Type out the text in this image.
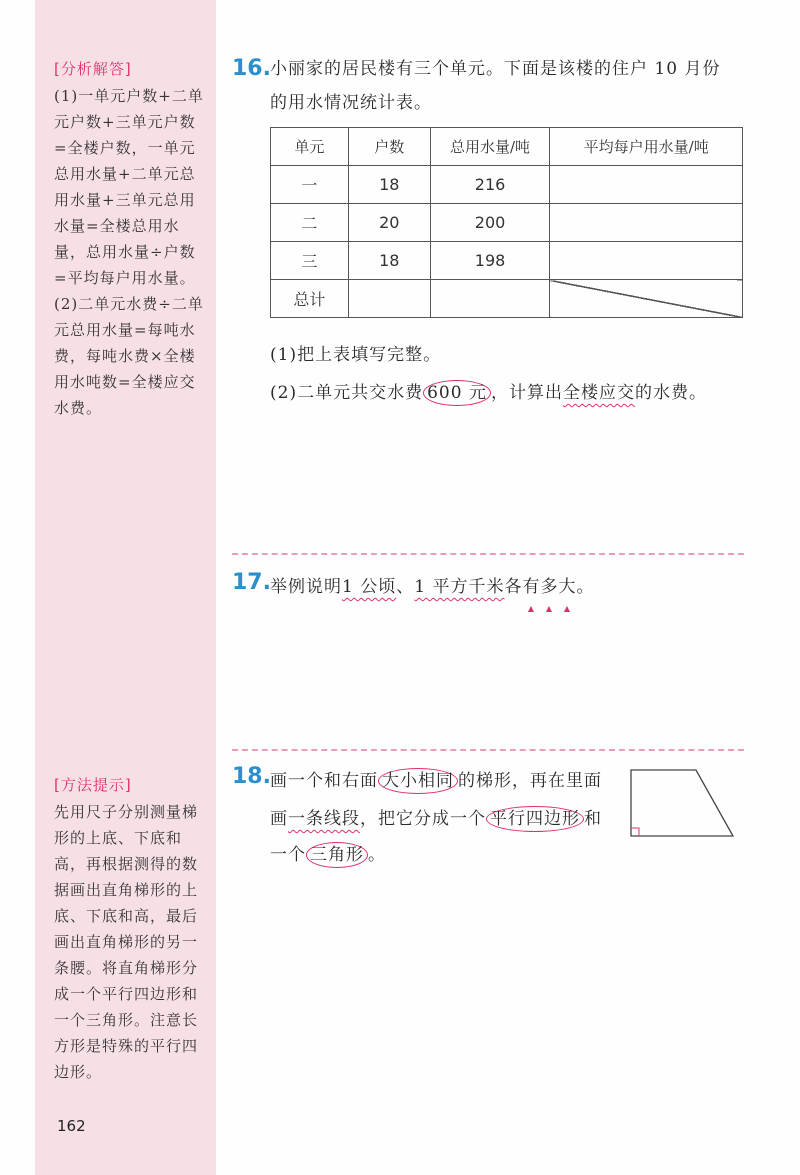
[分析解答]

(1)一单元户数+二单元户数+三单元户数=全楼户数，一单元总用水量+二单元总用水量+三单元总用水量=全楼总用水量，总用水量÷户数=平均每户用水量。
(2)二单元水费÷二单元总用水量=每吨水费，每吨水费×全楼用水吨数=全楼应交水费。

[方法提示]

先用尺子分别测量梯形的上底、下底和高，再根据测得的数据画出直角梯形的上底、下底和高，最后画出直角梯形的另一条腰。将直角梯形分成一个平行四边形和一个三角形。注意长方形是特殊的平行四边形。

162
16. 小丽家的居民楼有三个单元。下面是该楼的住户 10 月份
的用水情况统计表。
单元	户数	总用水量/吨	平均每户用水量/吨
一	18	216	
二	20	200	
三	18	198	
总计			
(1)把上表填写完整。
(2)二单元共交水费 600 元 ，计算出全楼应交的水费。
17. 举例说明1 公顷、1 平方千米各有 ▲多 ▲大 ▲。
18. 画一个和右面 大小相同 的梯形，再在里面
画一条线段，把它分成一个 平行四边形 和
一个 三角形 。
